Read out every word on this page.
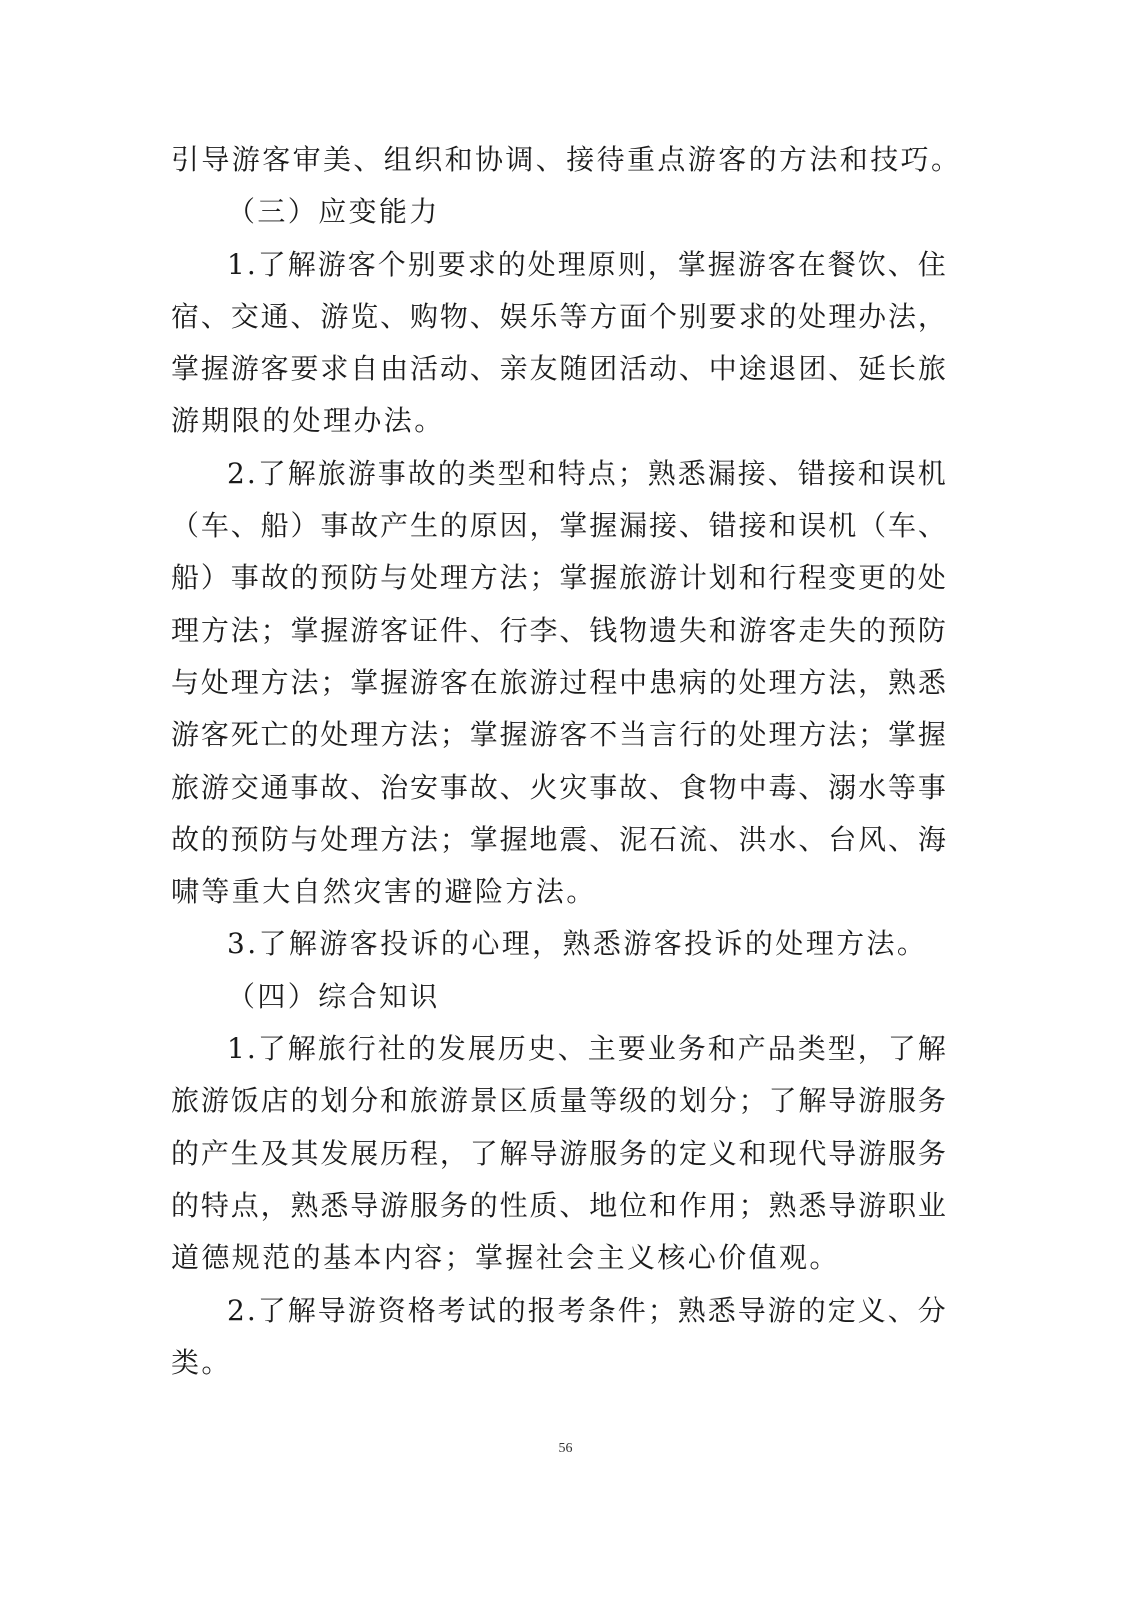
引导游客审美、组织和协调、接待重点游客的方法和技巧。
（三）应变能力
1 . 了 解 游 客 个 别 要 求 的 处 理 原 则 ， 掌 握 游 客 在 餐 饮 、 住
宿 、 交 通 、 游 览 、 购 物 、 娱 乐 等 方 面 个 别 要 求 的 处 理 办 法 ，
掌 握 游 客 要 求 自 由 活 动 、 亲 友 随 团 活 动 、 中 途 退 团 、 延 长 旅
游期限的处理办法。
2 . 了 解 旅 游 事 故 的 类 型 和 特 点 ； 熟 悉 漏 接 、 错 接 和 误 机
（ 车 、 船 ） 事 故 产 生 的 原 因 ， 掌 握 漏 接 、 错 接 和 误 机 （ 车 、
船 ） 事 故 的 预 防 与 处 理 方 法 ； 掌 握 旅 游 计 划 和 行 程 变 更 的 处
理 方 法 ； 掌 握 游 客 证 件 、 行 李 、 钱 物 遗 失 和 游 客 走 失 的 预 防
与 处 理 方 法 ； 掌 握 游 客 在 旅 游 过 程 中 患 病 的 处 理 方 法 ， 熟 悉
游 客 死 亡 的 处 理 方 法 ； 掌 握 游 客 不 当 言 行 的 处 理 方 法 ； 掌 握
旅 游 交 通 事 故 、 治 安 事 故 、 火 灾 事 故 、 食 物 中 毒 、 溺 水 等 事
故 的 预 防 与 处 理 方 法 ； 掌 握 地 震 、 泥 石 流 、 洪 水 、 台 风 、 海
啸等重大自然灾害的避险方法。
3.了解游客投诉的心理，熟悉游客投诉的处理方法。
（四）综合知识
1 . 了 解 旅 行 社 的 发 展 历 史 、 主 要 业 务 和 产 品 类 型 ， 了 解
旅 游 饭 店 的 划 分 和 旅 游 景 区 质 量 等 级 的 划 分 ； 了 解 导 游 服 务
的 产 生 及 其 发 展 历 程 ， 了 解 导 游 服 务 的 定 义 和 现 代 导 游 服 务
的 特 点 ， 熟 悉 导 游 服 务 的 性 质 、 地 位 和 作 用 ； 熟 悉 导 游 职 业
道德规范的基本内容；掌握社会主义核心价值观。
2 . 了 解 导 游 资 格 考 试 的 报 考 条 件 ； 熟 悉 导 游 的 定 义 、 分
类。
56
